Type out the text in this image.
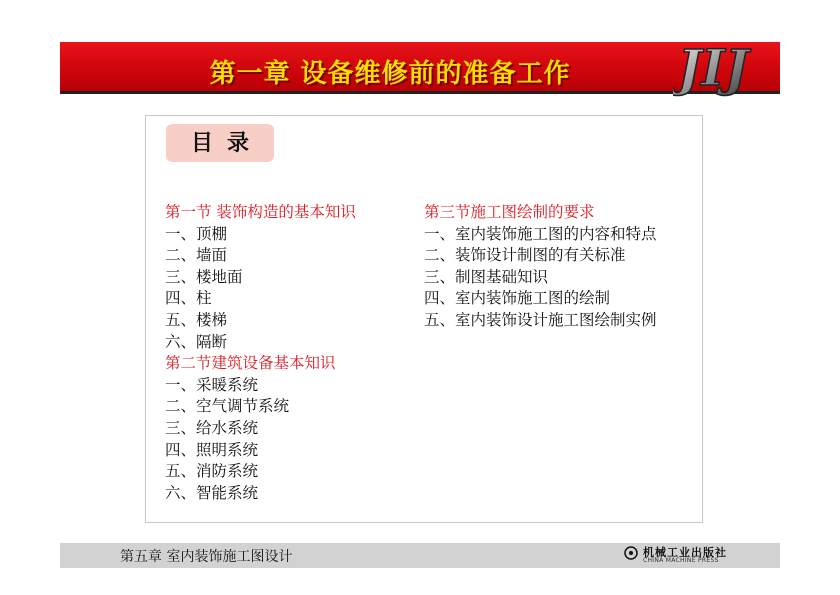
第一章 设备维修前的准备工作	JIJ
目录
第一节 装饰构造的基本知识
一、顶棚
二、墙面
三、楼地面
四、柱
五、楼梯
六、隔断
第二节建筑设备基本知识
一、采暖系统
二、空气调节系统
三、给水系统
四、照明系统
五、消防系统
六、智能系统
第三节施工图绘制的要求
一、室内装饰施工图的内容和特点
二、装饰设计制图的有关标准
三、制图基础知识
四、室内装饰施工图的绘制
五、室内装饰设计施工图绘制实例
第五章 室内装饰施工图设计	机械工业出版社
CHINA MACHINE PRESS
